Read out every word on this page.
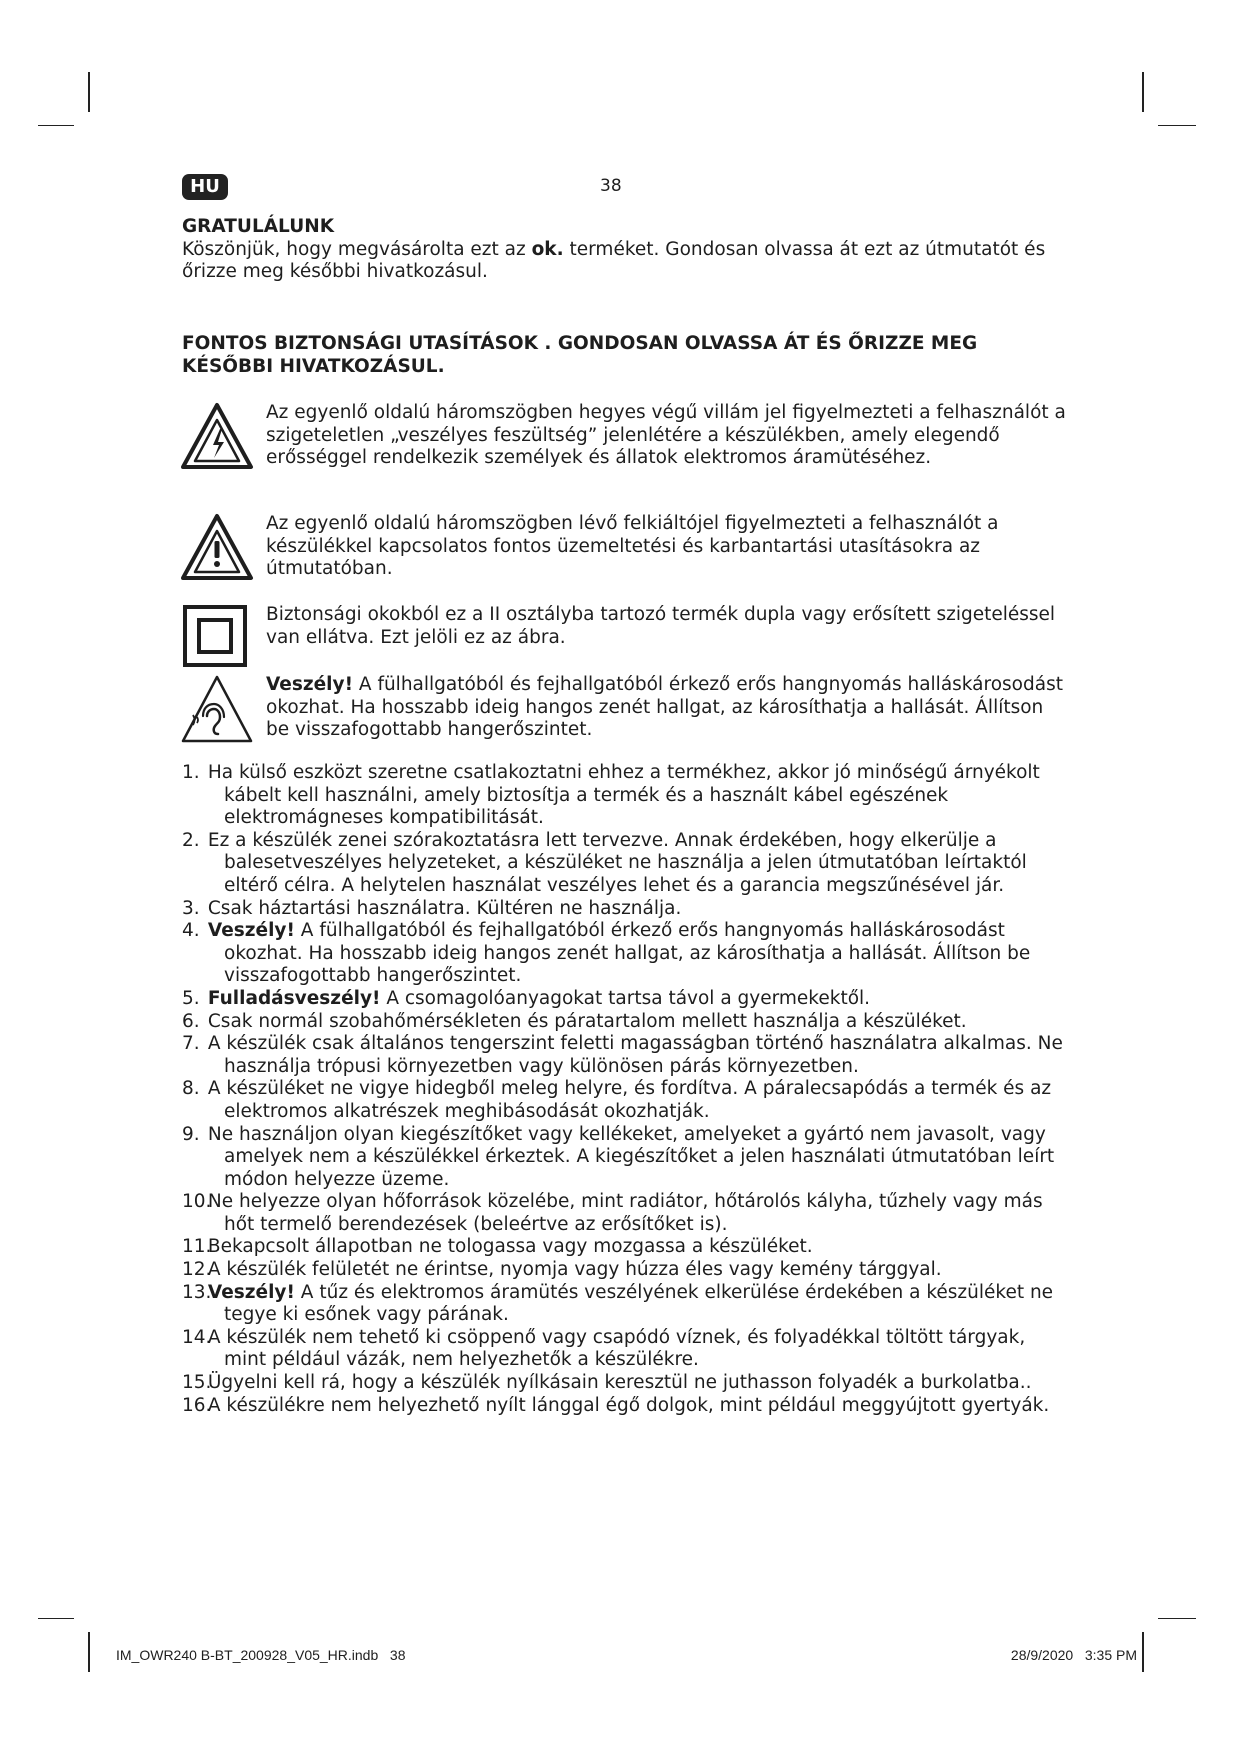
HU	38
GRATULÁLUNK
Köszönjük, hogy megvásárolta ezt az ok. terméket. Gondosan olvassa át ezt az útmutatót és őrizze meg későbbi hivatkozásul.
FONTOS BIZTONSÁGI UTASÍTÁSOK . GONDOSAN OLVASSA ÁT ÉS ŐRIZZE MEG KÉSŐBBI HIVATKOZÁSUL.
Az egyenlő oldalú háromszögben hegyes végű villám jel figyelmezteti a felhasználót a szigeteletlen „veszélyes feszültség” jelenlétére a készülékben, amely elegendő erősséggel rendelkezik személyek és állatok elektromos áramütéséhez.
Az egyenlő oldalú háromszögben lévő felkiáltójel figyelmezteti a felhasználót a készülékkel kapcsolatos fontos üzemeltetési és karbantartási utasításokra az útmutatóban.
Biztonsági okokból ez a II osztályba tartozó termék dupla vagy erősített szigeteléssel van ellátva. Ezt jelöli ez az ábra.
Veszély! A fülhallgatóból és fejhallgatóból érkező erős hangnyomás halláskárosodást okozhat. Ha hosszabb ideig hangos zenét hallgat, az károsíthatja a hallását. Állítson be visszafogottabb hangerőszintet.
1. Ha külső eszközt szeretne csatlakoztatni ehhez a termékhez, akkor jó minőségű árnyékolt kábelt kell használni, amely biztosítja a termék és a használt kábel egészének elektromágneses kompatibilitását.
2. Ez a készülék zenei szórakoztatásra lett tervezve. Annak érdekében, hogy elkerülje a balesetveszélyes helyzeteket, a készüléket ne használja a jelen útmutatóban leírtaktól eltérő célra. A helytelen használat veszélyes lehet és a garancia megszűnésével jár.
3. Csak háztartási használatra. Kültéren ne használja.
4. Veszély! A fülhallgatóból és fejhallgatóból érkező erős hangnyomás halláskárosodást okozhat. Ha hosszabb ideig hangos zenét hallgat, az károsíthatja a hallását. Állítson be visszafogottabb hangerőszintet.
5. Fulladásveszély! A csomagolóanyagokat tartsa távol a gyermekektől.
6. Csak normál szobahőmérsékleten és páratartalom mellett használja a készüléket.
7. A készülék csak általános tengerszint feletti magasságban történő használatra alkalmas. Ne használja trópusi környezetben vagy különösen párás környezetben.
8. A készüléket ne vigye hidegből meleg helyre, és fordítva. A páralecsapódás a termék és az elektromos alkatrészek meghibásodását okozhatják.
9. Ne használjon olyan kiegészítőket vagy kellékeket, amelyeket a gyártó nem javasolt, vagy amelyek nem a készülékkel érkeztek. A kiegészítőket a jelen használati útmutatóban leírt módon helyezze üzeme.
10. Ne helyezze olyan hőforrások közelébe, mint radiátor, hőtárolós kályha, tűzhely vagy más hőt termelő berendezések (beleértve az erősítőket is).
11. Bekapcsolt állapotban ne tologassa vagy mozgassa a készüléket.
12. A készülék felületét ne érintse, nyomja vagy húzza éles vagy kemény tárggyal.
13. Veszély! A tűz és elektromos áramütés veszélyének elkerülése érdekében a készüléket ne tegye ki esőnek vagy párának.
14. A készülék nem tehető ki csöppenő vagy csapódó víznek, és folyadékkal töltött tárgyak, mint például vázák, nem helyezhetők a készülékre.
15. Ügyelni kell rá, hogy a készülék nyílkásain keresztül ne juthasson folyadék a burkolatba..
16. A készülékre nem helyezhető nyílt lánggal égő dolgok, mint például meggyújtott gyertyák.
IM_OWR240 B-BT_200928_V05_HR.indb   38	28/9/2020   3:35 PM
